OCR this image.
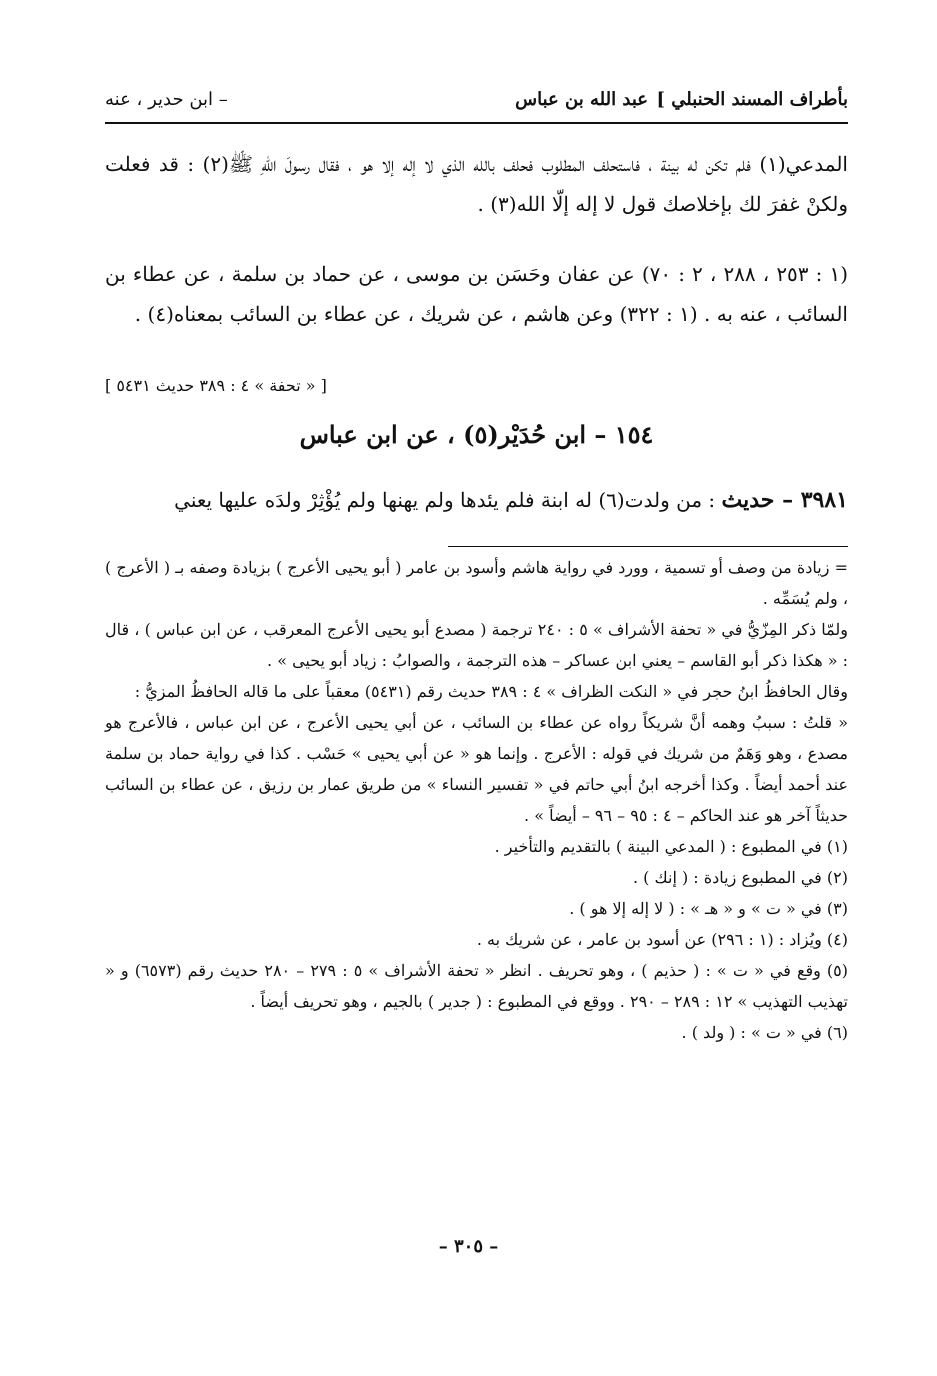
بأطراف المسند الحنبلي ]
عبد الله بن عباس
– ابن حدير ، عنه
المدعي(١) فلم تكن له بينة ، فاستحلف المطلوب فحلف بالله الذي لا إله إلا هو ، فقال رسولَ اللهِ ﷺ(٢) : قد فعلت ولكنْ غفرَ لك بإخلاصك قول لا إله إلّا الله(٣) .
(١ : ٢٥٣ ، ٢٨٨ ، ٢ : ٧٠) عن عفان وحَسَن بن موسى ، عن حماد بن سلمة ، عن عطاء بن السائب ، عنه به . (١ : ٣٢٢) وعن هاشم ، عن شريك ، عن عطاء بن السائب بمعناه(٤) .
[ « تحفة » ٤ : ٣٨٩ حديث ٥٤٣١ ]
١٥٤ – ابن حُدَيْر(٥) ، عن ابن عباس
٣٩٨١ – حديث : من ولدت(٦) له ابنة فلم يئدها ولم يهنها ولم يُؤْثِرْ ولدَه عليها يعني

= زيادة من وصف أو تسمية ، وورد في رواية هاشم وأسود بن عامر ( أبو يحيى الأعرج ) بزيادة وصفه بـ ( الأعرج ) ، ولم يُسَمِّه .

ولمّا ذكر المِزّيُّ في « تحفة الأشراف » ٥ : ٢٤٠ ترجمة ( مصدع أبو يحيى الأعرج المعرقب ، عن ابن عباس ) ، قال : « هكذا ذكر أبو القاسم – يعني ابن عساكر – هذه الترجمة ، والصوابُ : زياد أبو يحيى » .

وقال الحافظُ ابنُ حجر في « النكت الظراف » ٤ : ٣٨٩ حديث رقم (٥٤٣١) معقباً على ما قاله الحافظُ المزيُّ :

« قلتُ : سببُ وهمه أنَّ شريكاً رواه عن عطاء بن السائب ، عن أبي يحيى الأعرج ، عن ابن عباس ، فالأعرج هو مصدع ، وهو وَهَمٌ من شريك في قوله : الأعرج . وإنما هو « عن أبي يحيى » حَسْب . كذا في رواية حماد بن سلمة عند أحمد أيضاً . وكذا أخرجه ابنُ أبي حاتم في « تفسير النساء » من طريق عمار بن رزيق ، عن عطاء بن السائب حديثاً آخر هو عند الحاكم – ٤ : ٩٥ – ٩٦ – أيضاً » .

(١) في المطبوع : ( المدعي البينة ) بالتقديم والتأخير .

(٢) في المطبوع زيادة : ( إنك ) .

(٣) في « ت » و « هـ » : ( لا إله إلا هو ) .

(٤) ويُزاد : (١ : ٢٩٦) عن أسود بن عامر ، عن شريك به .

(٥) وقع في « ت » : ( حذيم ) ، وهو تحريف . انظر « تحفة الأشراف » ٥ : ٢٧٩ – ٢٨٠ حديث رقم (٦٥٧٣) و « تهذيب التهذيب » ١٢ : ٢٨٩ – ٢٩٠ . ووقع في المطبوع : ( جدير ) بالجيم ، وهو تحريف أيضاً .

(٦) في « ت » : ( ولد ) .

– ٣٠٥ –
